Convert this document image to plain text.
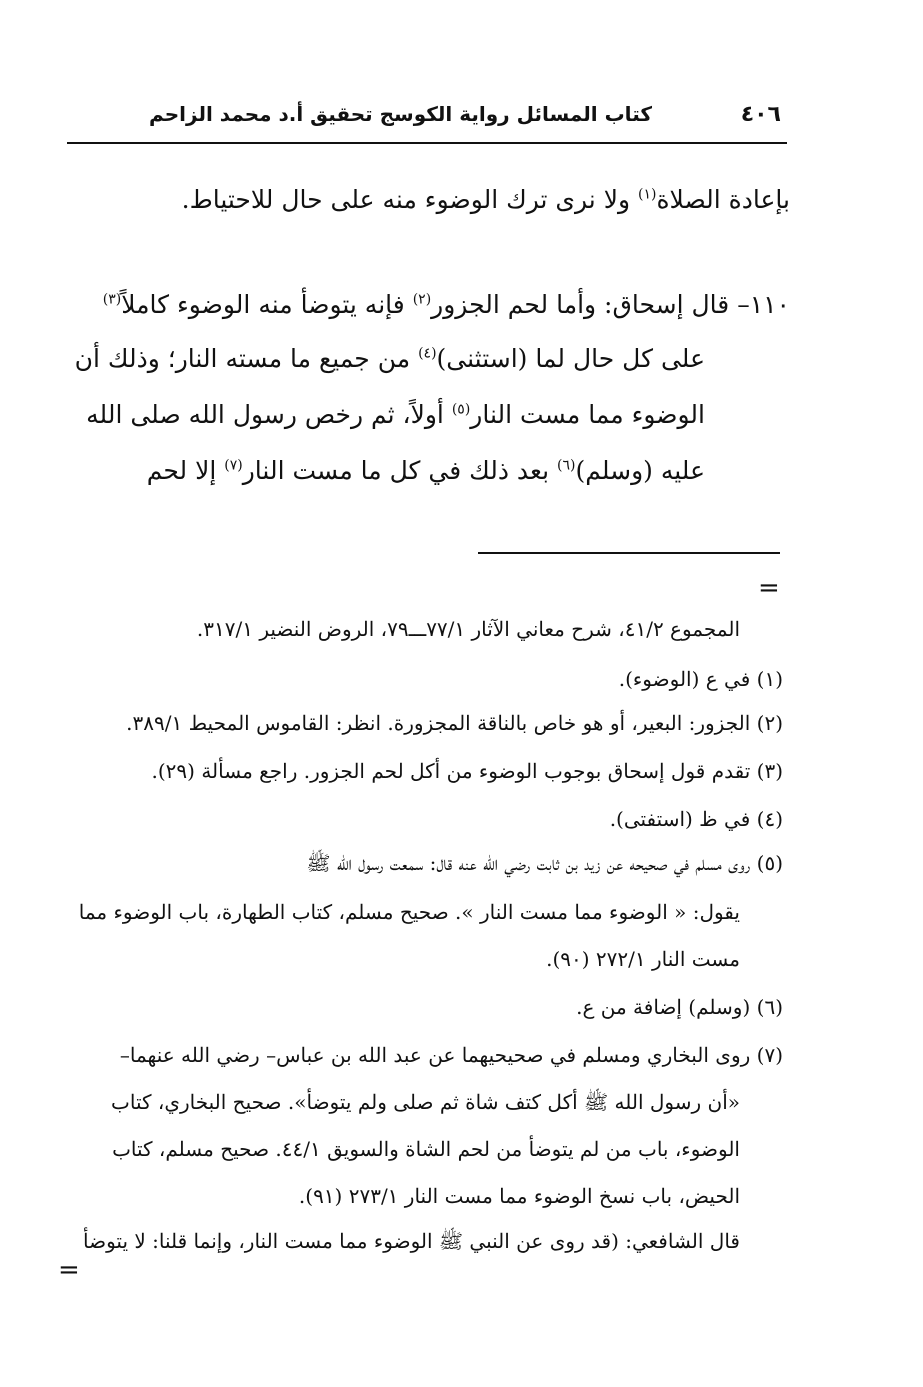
٤٠٦
كتاب المسائل رواية الكوسج تحقيق أ.د محمد الزاحم
بإعادة الصلاة$^{(١)}$ ولا نرى ترك الوضوء منه على حال للاحتياط.
١١٠–قال إسحاق: وأما لحم الجزور$^{(٢)}$ فإنه يتوضأ منه الوضوء كاملاً$^{(٣)}$
على كل حال لما (استثنى)$^{(٤)}$ من جميع ما مسته النار؛ وذلك أن
الوضوء مما مست النار$^{(٥)}$ أولاً، ثم رخص رسول الله صلى الله
عليه (وسلم)$^{(٦)}$ بعد ذلك في كل ما مست النار$^{(٧)}$ إلا لحم
=
المجموع ٤١/٢، شرح معاني الآثار ٧٧/١ـــ٧٩، الروض النضير ٣١٧/١.
(١) في ع (الوضوء).
(٢) الجزور: البعير، أو هو خاص بالناقة المجزورة. انظر: القاموس المحيط ٣٨٩/١.
(٣) تقدم قول إسحاق بوجوب الوضوء من أكل لحم الجزور. راجع مسألة (٢٩).
(٤) في ظ (استفتى).
(٥) روى مسلم في صحيحه عن زيد بن ثابت رضي الله عنه قال: سمعت رسول الله ﷺ
يقول: « الوضوء مما مست النار ». صحيح مسلم، كتاب الطهارة، باب الوضوء مما
مست النار ٢٧٢/١ (٩٠).
(٦) (وسلم) إضافة من ع.
(٧) روى البخاري ومسلم في صحيحيهما عن عبد الله بن عباس– رضي الله عنهما–
«أن رسول الله ﷺ أكل كتف شاة ثم صلى ولم يتوضأ». صحيح البخاري، كتاب
الوضوء، باب من لم يتوضأ من لحم الشاة والسويق ٤٤/١. صحيح مسلم، كتاب
الحيض، باب نسخ الوضوء مما مست النار ٢٧٣/١ (٩١).
قال الشافعي: (قد روى عن النبي ﷺ الوضوء مما مست النار، وإنما قلنا: لا يتوضأ
=
